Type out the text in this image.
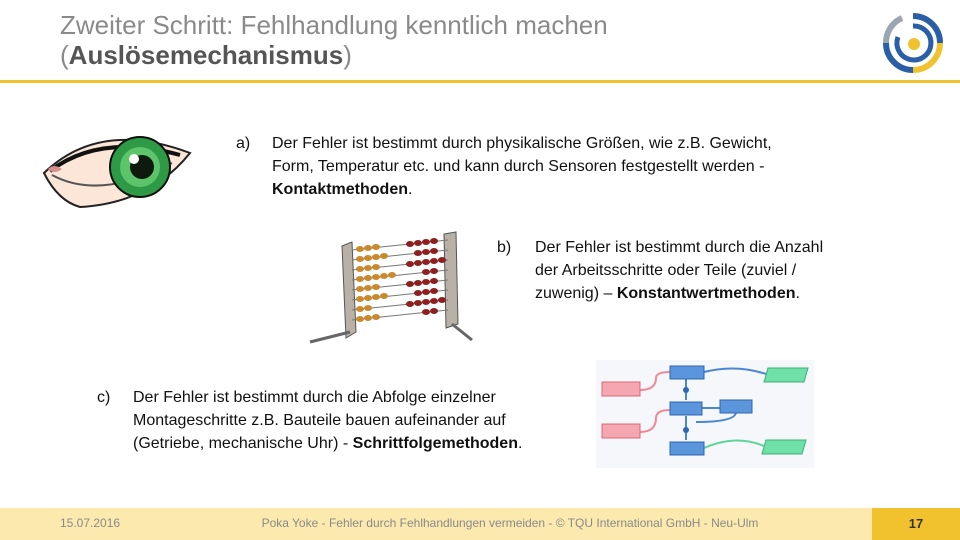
Zweiter Schritt: Fehlhandlung kenntlich machen
(Auslösemechanismus)
a) Der Fehler ist bestimmt durch physikalische Größen, wie z.B. Gewicht, Form, Temperatur etc. und kann durch Sensoren festgestellt werden - Kontaktmethoden.
b) Der Fehler ist bestimmt durch die Anzahl der Arbeitsschritte oder Teile (zuviel / zuwenig) – Konstantwertmethoden.
c) Der Fehler ist bestimmt durch die Abfolge einzelner Montageschritte z.B. Bauteile bauen aufeinander auf (Getriebe, mechanische Uhr) - Schrittfolgemethoden.
15.07.2016	Poka Yoke - Fehler durch Fehlhandlungen vermeiden - © TQU International GmbH - Neu-Ulm	17
